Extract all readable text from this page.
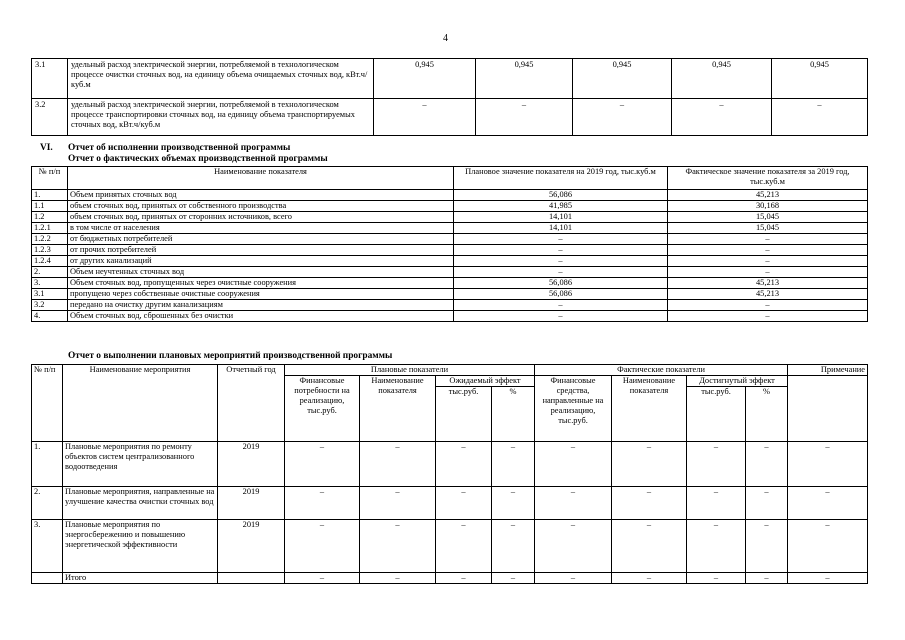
4
3.1	удельный расход электрической энергии, потребляемой в технологическом процессе очистки сточных вод, на единицу объема очищаемых сточных вод, кВт.ч/куб.м	0,945	0,945	0,945	0,945	0,945
3.2	удельный расход электрической энергии, потребляемой в технологическом процессе транспортировки сточных вод, на единицу объема транспортируемых сточных вод, кВт.ч/куб.м	–	–	–	–	–
VI. Отчет об исполнении производственной программы
Отчет о фактических объемах производственной программы
№ п/п	Наименование показателя	Плановое значение показателя на 2019 год, тыс.куб.м	Фактическое значение показателя за 2019 год, тыс.куб.м
1.	Объем принятых сточных вод	56,086	45,213
1.1	объем сточных вод, принятых от собственного производства	41,985	30,168
1.2	объем сточных вод, принятых от сторонних источников, всего	14,101	15,045
1.2.1	в том числе от населения	14,101	15,045
1.2.2	от бюджетных потребителей	–	–
1.2.3	от прочих потребителей	–	–
1.2.4	от других канализаций	–	–
2.	Объем неучтенных сточных вод	–	–
3.	Объем сточных вод, пропущенных через очистные сооружения	56,086	45,213
3.1	пропущено через собственные очистные сооружения	56,086	45,213
3.2	передано на очистку другим канализациям	–	–
4.	Объем сточных вод, сброшенных без очистки	–	–
Отчет о выполнении плановых мероприятий производственной программы
№ п/п	Наименование мероприятия	Отчетный год	Плановые показатели				Фактические показатели				Примечание
			Финансовые потребности на реализацию, тыс.руб.	Наименование показателя	Ожидаемый эффект		Финансовые средства, направленные на реализацию, тыс.руб.	Наименование показателя	Достигнутый эффект		
					тыс.руб.	%			тыс.руб.	%	
1.	Плановые мероприятия по ремонту объектов систем централизованного водоотведения	2019	–	–	–	–	–	–	–	–	–
2.	Плановые мероприятия, направленные на улучшение качества очистки сточных вод	2019	–	–	–	–	–	–	–	–	–
3.	Плановые мероприятия по энергосбережению и повышению энергетической эффективности	2019	–	–	–	–	–	–	–	–	–
	Итого		–	–	–	–	–	–	–	–	–
